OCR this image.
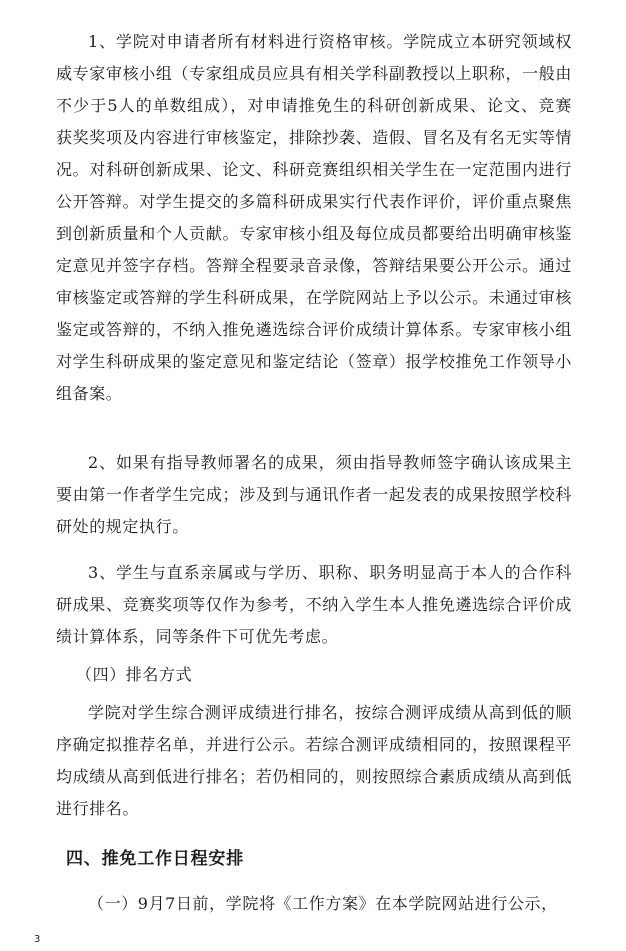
1、学院对申请者所有材料进行资格审核。学院成立本研究领域权威专家审核小组（专家组成员应具有相关学科副教授以上职称，一般由不少于5人的单数组成），对申请推免生的科研创新成果、论文、竞赛获奖奖项及内容进行审核鉴定，排除抄袭、造假、冒名及有名无实等情况。对科研创新成果、论文、科研竞赛组织相关学生在一定范围内进行公开答辩。对学生提交的多篇科研成果实行代表作评价，评价重点聚焦到创新质量和个人贡献。专家审核小组及每位成员都要给出明确审核鉴定意见并签字存档。答辩全程要录音录像，答辩结果要公开公示。通过审核鉴定或答辩的学生科研成果，在学院网站上予以公示。未通过审核鉴定或答辩的，不纳入推免遴选综合评价成绩计算体系。专家审核小组对学生科研成果的鉴定意见和鉴定结论（签章）报学校推免工作领导小组备案。

2、如果有指导教师署名的成果，须由指导教师签字确认该成果主要由第一作者学生完成；涉及到与通讯作者一起发表的成果按照学校科研处的规定执行。

3、学生与直系亲属或与学历、职称、职务明显高于本人的合作科研成果、竞赛奖项等仅作为参考，不纳入学生本人推免遴选综合评价成绩计算体系，同等条件下可优先考虑。

（四）排名方式

学院对学生综合测评成绩进行排名，按综合测评成绩从高到低的顺序确定拟推荐名单，并进行公示。若综合测评成绩相同的，按照课程平均成绩从高到低进行排名；若仍相同的，则按照综合素质成绩从高到低进行排名。

四、推免工作日程安排

（一）9月7日前，学院将《工作方案》在本学院网站进行公示，

3
